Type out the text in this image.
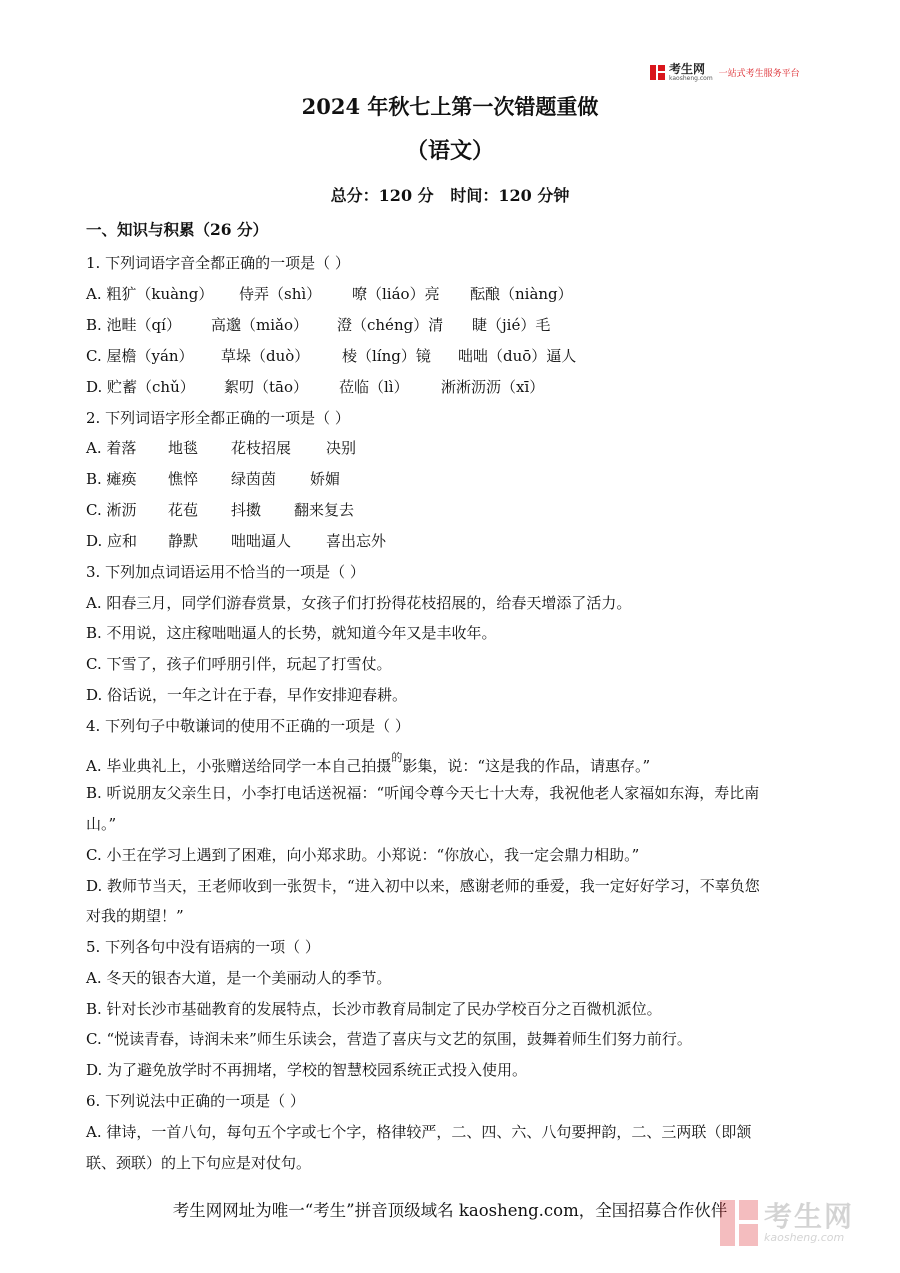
考生网
kaosheng.com 一站式考生服务平台
2024 年秋七上第一次错题重做
（语文）
总分：120 分   时间：120 分钟
一、知识与积累（26 分）
1. 下列词语字音全都正确的一项是（ ）
A. 粗犷（kuàng） 侍弄（shì） 嘹（liáo）亮 酝酿（niàng）
B. 池畦（qí） 高邈（miǎo） 澄（chéng）清 睫（jié）毛
C. 屋檐（yán） 草垛（duò） 棱（líng）镜 咄咄（duō）逼人
D. 贮蓄（chǔ） 絮叨（tāo） 莅临（lì） 淅淅沥沥（xī）
2. 下列词语字形全都正确的一项是（ ）
A. 着落 地毯 花枝招展 决别
B. 瘫痪 憔悴 绿茵茵 娇媚
C. 淅沥 花苞 抖擞 翻来复去
D. 应和 静默 咄咄逼人 喜出忘外
3. 下列加点词语运用不恰当的一项是（ ）
A. 阳春三月，同学们游春赏景，女孩子们打扮得花枝招展的，给春天增添了活力。
B. 不用说，这庄稼咄咄逼人的长势，就知道今年又是丰收年。
C. 下雪了，孩子们呼朋引伴，玩起了打雪仗。
D. 俗话说，一年之计在于春，早作安排迎春耕。
4. 下列句子中敬谦词的使用不正确的一项是（ ）
A. 毕业典礼上，小张赠送给同学一本自己拍摄$^的$影集，说：“这是我的作品，请惠存。”
B. 听说朋友父亲生日，小李打电话送祝福：“听闻令尊今天七十大寿，我祝他老人家福如东海，寿比南
山。”
C. 小王在学习上遇到了困难，向小郑求助。小郑说：“你放心，我一定会鼎力相助。”
D. 教师节当天，王老师收到一张贺卡，“进入初中以来，感谢老师的垂爱，我一定好好学习，不辜负您
对我的期望！”
5. 下列各句中没有语病的一项（ ）
A. 冬天的银杏大道，是一个美丽动人的季节。
B. 针对长沙市基础教育的发展特点，长沙市教育局制定了民办学校百分之百微机派位。
C. “悦读青春，诗润未来”师生乐读会，营造了喜庆与文艺的氛围，鼓舞着师生们努力前行。
D. 为了避免放学时不再拥堵，学校的智慧校园系统正式投入使用。
6. 下列说法中正确的一项是（ ）
A. 律诗，一首八句，每句五个字或七个字，格律较严，二、四、六、八句要押韵，二、三两联（即颔
联、颈联）的上下句应是对仗句。
考生网网址为唯一“考生”拼音顶级域名 kaosheng.com，全国招募合作伙伴	考生网
kaosheng.com
